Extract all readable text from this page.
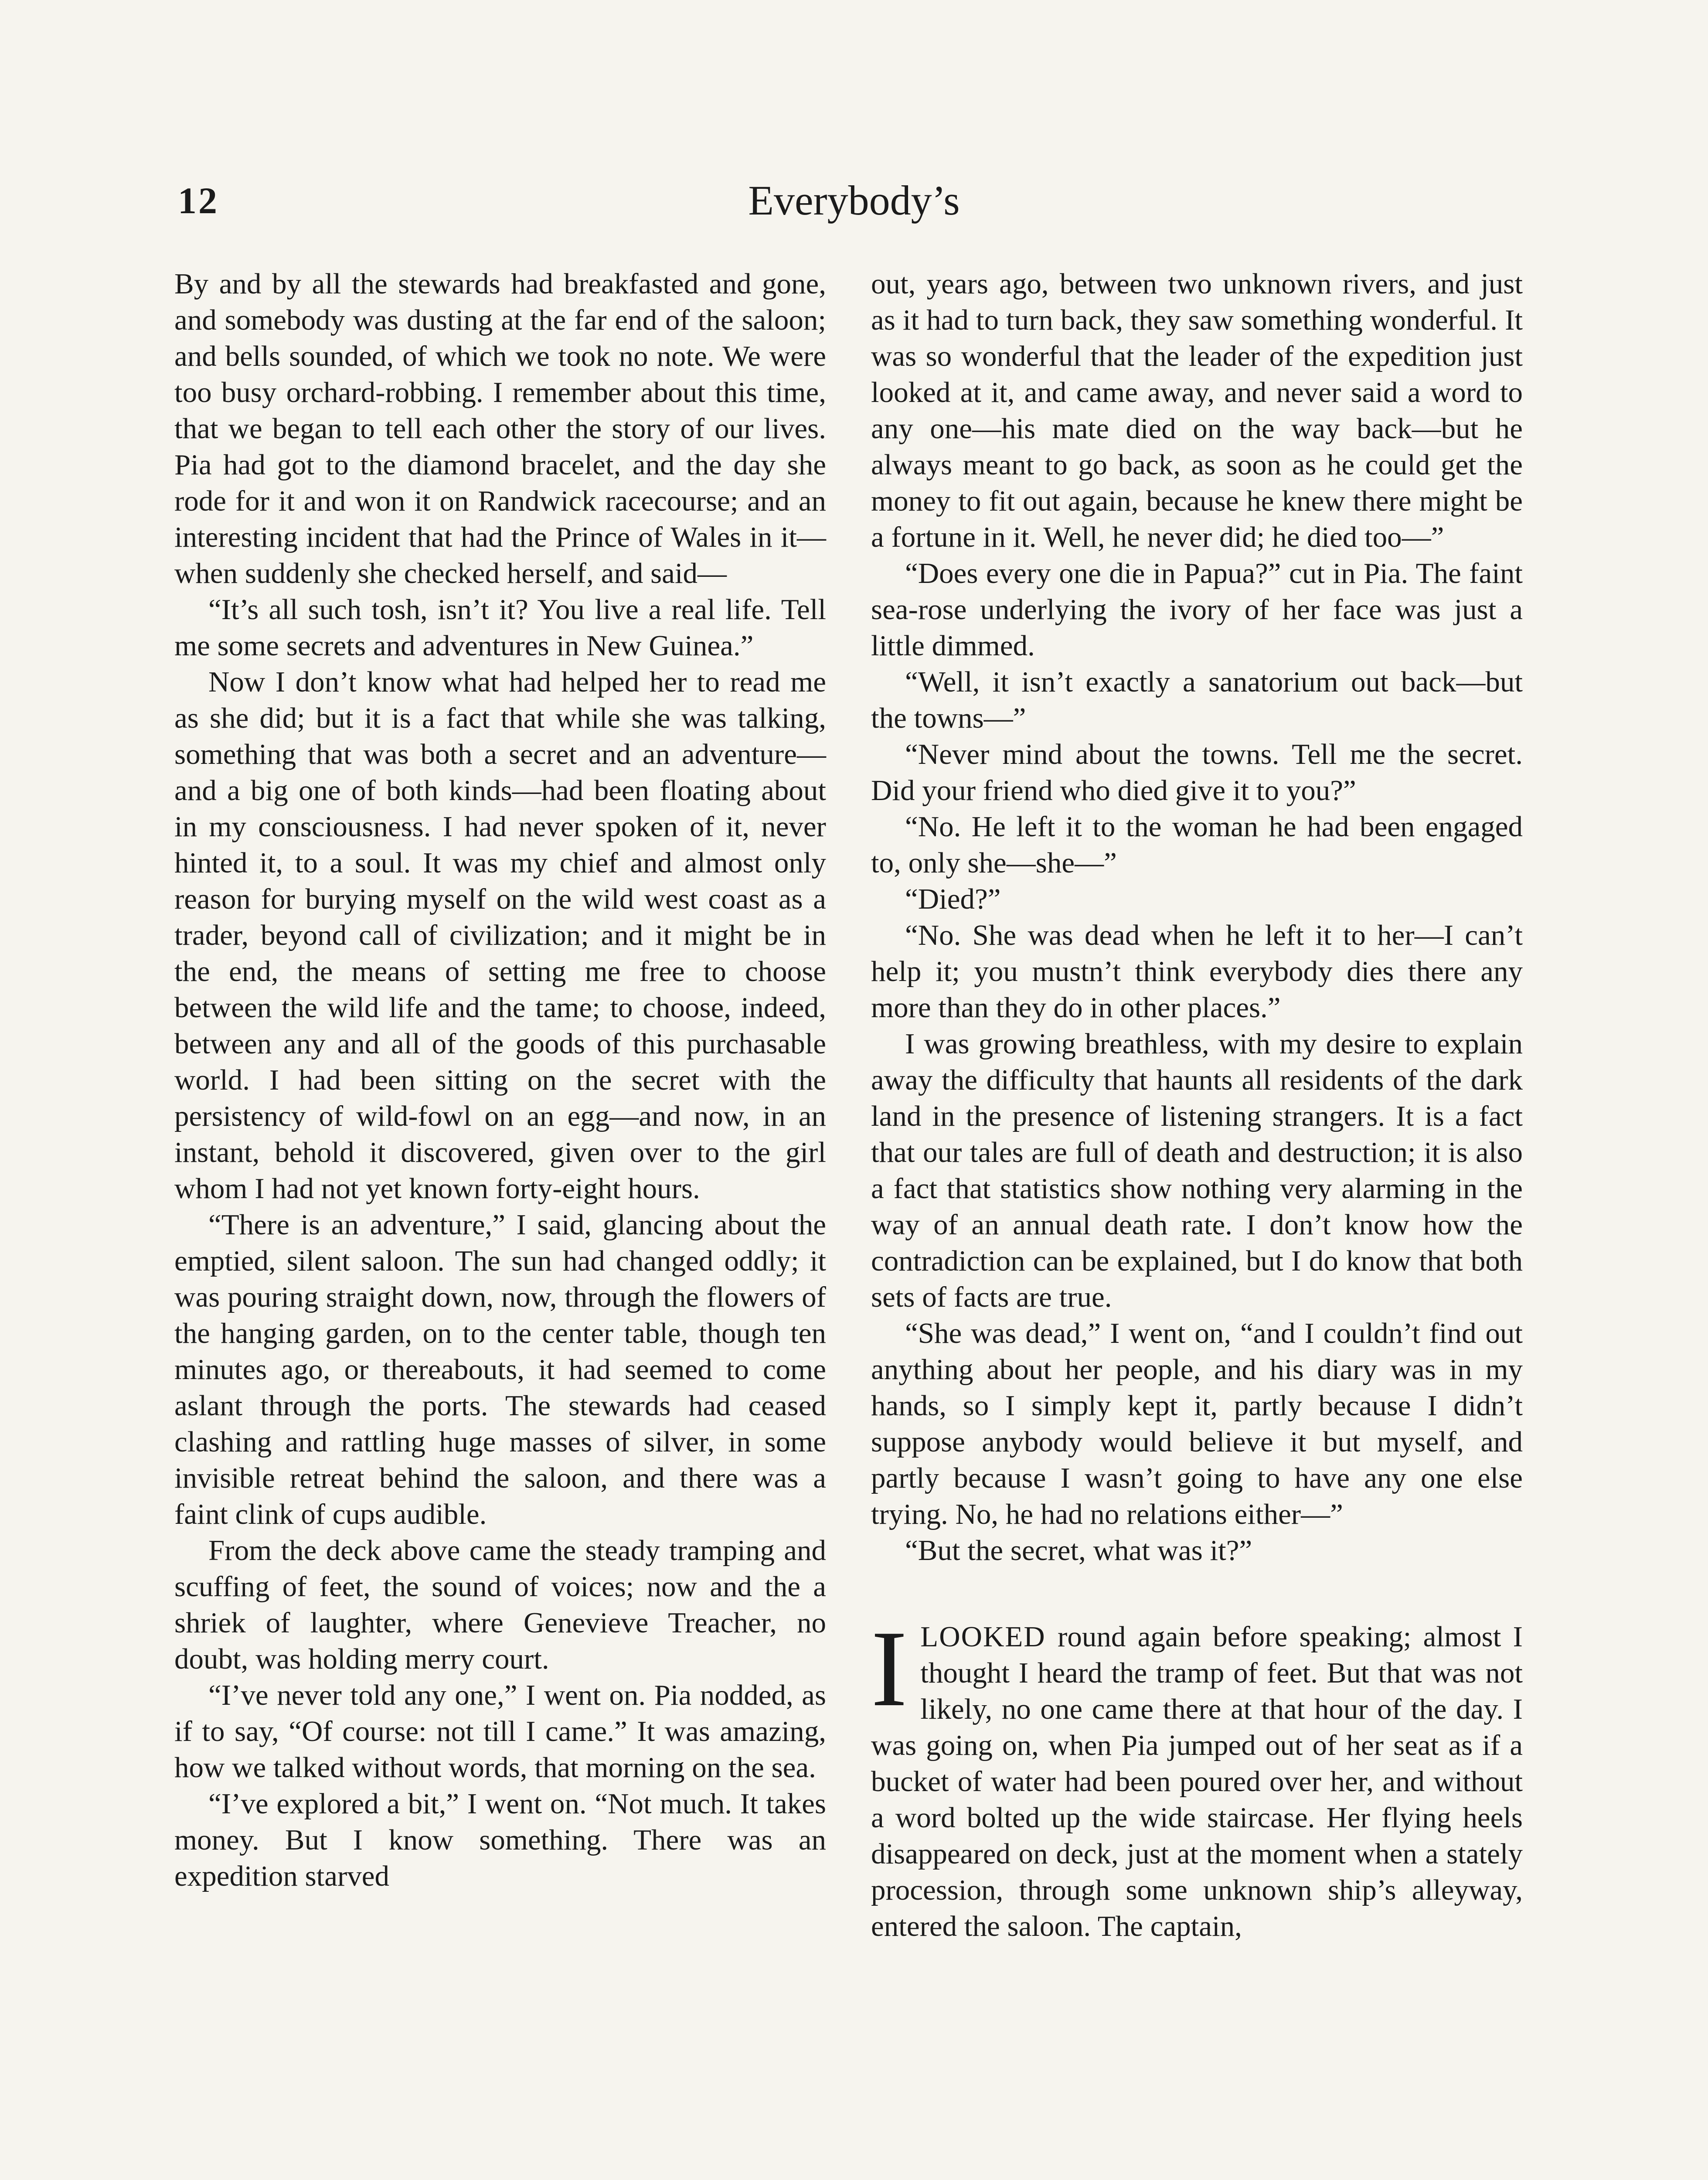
12	Everybody’s

By and by all the stewards had breakfasted and gone, and somebody was dusting at the far end of the saloon; and bells sounded, of which we took no note. We were too busy orchard-robbing. I remember about this time, that we began to tell each other the story of our lives. Pia had got to the diamond bracelet, and the day she rode for it and won it on Randwick racecourse; and an interesting incident that had the Prince of Wales in it—when suddenly she checked herself, and said—

“It’s all such tosh, isn’t it? You live a real life. Tell me some secrets and adventures in New Guinea.”

Now I don’t know what had helped her to read me as she did; but it is a fact that while she was talking, something that was both a secret and an adventure—and a big one of both kinds—had been floating about in my consciousness. I had never spoken of it, never hinted it, to a soul. It was my chief and almost only reason for burying myself on the wild west coast as a trader, beyond call of civilization; and it might be in the end, the means of setting me free to choose between the wild life and the tame; to choose, indeed, between any and all of the goods of this purchasable world. I had been sitting on the secret with the persistency of wild-fowl on an egg—and now, in an instant, behold it discovered, given over to the girl whom I had not yet known forty-eight hours.

“There is an adventure,” I said, glancing about the emptied, silent saloon. The sun had changed oddly; it was pouring straight down, now, through the flowers of the hanging garden, on to the center table, though ten minutes ago, or thereabouts, it had seemed to come aslant through the ports. The stewards had ceased clashing and rattling huge masses of silver, in some invisible retreat behind the saloon, and there was a faint clink of cups audible.

From the deck above came the steady tramping and scuffing of feet, the sound of voices; now and the a shriek of laughter, where Genevieve Treacher, no doubt, was holding merry court.

“I’ve never told any one,” I went on. Pia nodded, as if to say, “Of course: not till I came.” It was amazing, how we talked without words, that morning on the sea.

“I’ve explored a bit,” I went on. “Not much. It takes money. But I know something. There was an expedition starved

out, years ago, between two unknown rivers, and just as it had to turn back, they saw something wonderful. It was so wonderful that the leader of the expedition just looked at it, and came away, and never said a word to any one—his mate died on the way back—but he always meant to go back, as soon as he could get the money to fit out again, because he knew there might be a fortune in it. Well, he never did; he died too—”

“Does every one die in Papua?” cut in Pia. The faint sea-rose underlying the ivory of her face was just a little dimmed.

“Well, it isn’t exactly a sanatorium out back—but the towns—”

“Never mind about the towns. Tell me the secret. Did your friend who died give it to you?”

“No. He left it to the woman he had been engaged to, only she—she—”

“Died?”

“No. She was dead when he left it to her—I can’t help it; you mustn’t think everybody dies there any more than they do in other places.”

I was growing breathless, with my desire to explain away the difficulty that haunts all residents of the dark land in the presence of listening strangers. It is a fact that our tales are full of death and destruction; it is also a fact that statistics show nothing very alarming in the way of an annual death rate. I don’t know how the contradiction can be explained, but I do know that both sets of facts are true.

“She was dead,” I went on, “and I couldn’t find out anything about her people, and his diary was in my hands, so I simply kept it, partly because I didn’t suppose anybody would believe it but myself, and partly because I wasn’t going to have any one else trying. No, he had no relations either—”

“But the secret, what was it?”

ILOOKED round again before speaking; almost I thought I heard the tramp of feet. But that was not likely, no one came there at that hour of the day. I was going on, when Pia jumped out of her seat as if a bucket of water had been poured over her, and without a word bolted up the wide staircase. Her flying heels disappeared on deck, just at the moment when a stately procession, through some unknown ship’s alleyway, entered the saloon. The captain,
